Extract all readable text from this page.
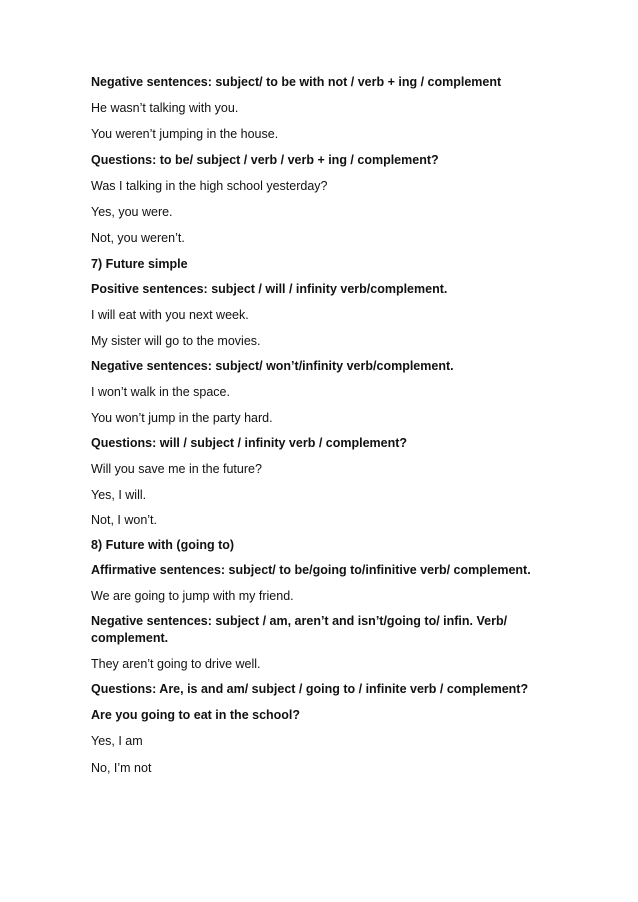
Negative sentences: subject/ to be with not / verb + ing / complement
He wasn’t talking with you.
You weren’t jumping in the house.
Questions: to be/ subject / verb / verb + ing / complement?
Was I talking in the high school yesterday?
Yes, you were.
Not, you weren’t.
7) Future simple
Positive sentences: subject / will / infinity verb/complement.
I will eat with you next week.
My sister will go to the movies.
Negative sentences: subject/ won’t/infinity verb/complement.
I won’t walk in the space.
You won’t jump in the party hard.
Questions: will / subject / infinity verb / complement?
Will you save me in the future?
Yes, I will.
Not, I won’t.
8) Future with (going to)
Affirmative sentences: subject/ to be/going to/infinitive verb/ complement.
We are going to jump with my friend.
Negative sentences: subject / am, aren’t and isn’t/going to/ infin. Verb/ complement.
They aren’t going to drive well.
Questions: Are, is and am/ subject / going to / infinite verb / complement?
Are you going to eat in the school?
Yes, I am
No, I’m not
